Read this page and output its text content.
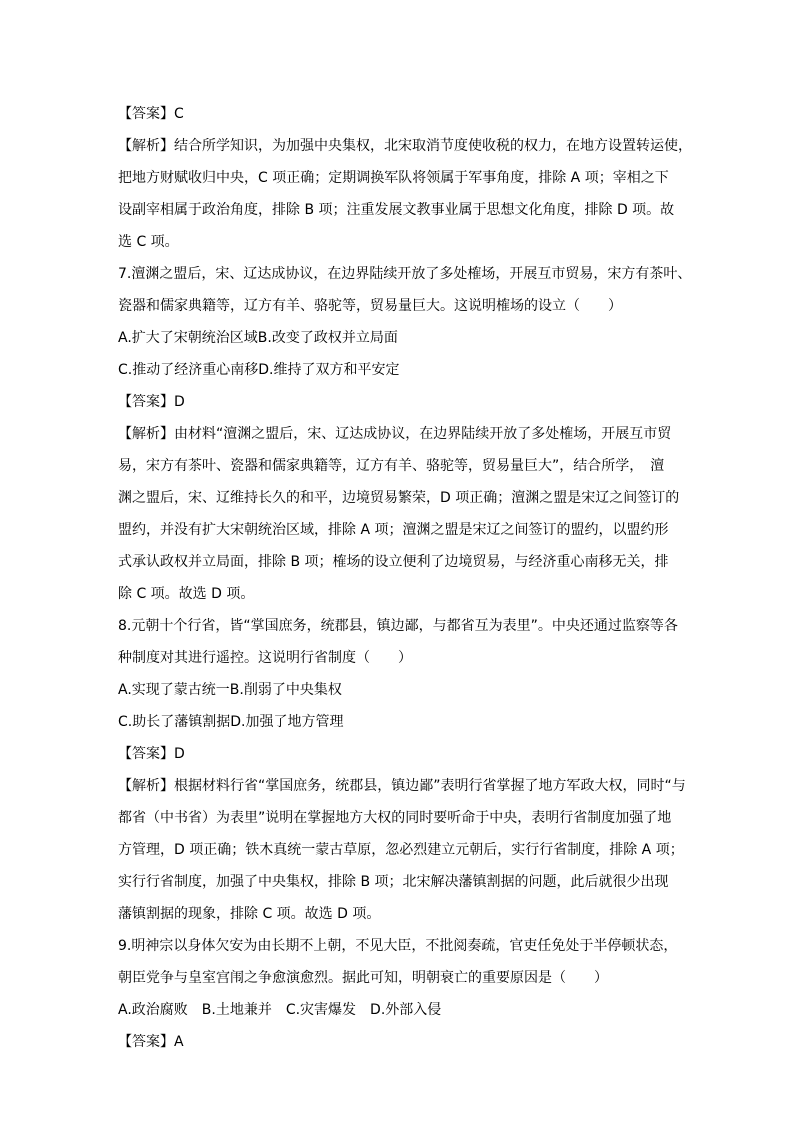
【答案】C
【解析】结合所学知识，为加强中央集权，北宋取消节度使收税的权力，在地方设置转运使，
把地方财赋收归中央，C 项正确；定期调换军队将领属于军事角度，排除 A 项；宰相之下
设副宰相属于政治角度，排除 B 项；注重发展文教事业属于思想文化角度，排除 D 项。故
选 C 项。
7.澶渊之盟后，宋、辽达成协议，在边界陆续开放了多处榷场，开展互市贸易，宋方有茶叶、
瓷器和儒家典籍等，辽方有羊、骆驼等，贸易量巨大。这说明榷场的设立（　　）
A.扩大了宋朝统治区域B.改变了政权并立局面
C.推动了经济重心南移D.维持了双方和平安定
【答案】D
【解析】由材料“澶渊之盟后，宋、辽达成协议，在边界陆续开放了多处榷场，开展互市贸
易，宋方有茶叶、瓷器和儒家典籍等，辽方有羊、骆驼等，贸易量巨大”，结合所学，　澶
渊之盟后，宋、辽维持长久的和平，边境贸易繁荣，D 项正确；澶渊之盟是宋辽之间签订的
盟约，并没有扩大宋朝统治区域，排除 A 项；澶渊之盟是宋辽之间签订的盟约，以盟约形
式承认政权并立局面，排除 B 项；榷场的设立便利了边境贸易，与经济重心南移无关，排
除 C 项。故选 D 项。
8.元朝十个行省，皆“掌国庶务，统郡县，镇边鄙，与都省互为表里”。中央还通过监察等各
种制度对其进行遥控。这说明行省制度（　　）
A.实现了蒙古统一B.削弱了中央集权
C.助长了藩镇割据D.加强了地方管理
【答案】D
【解析】根据材料行省“掌国庶务，统郡县，镇边鄙”表明行省掌握了地方军政大权，同时“与
都省（中书省）为表里”说明在掌握地方大权的同时要听命于中央，表明行省制度加强了地
方管理，D 项正确；铁木真统一蒙古草原，忽必烈建立元朝后，实行行省制度，排除 A 项；
实行行省制度，加强了中央集权，排除 B 项；北宋解决藩镇割据的问题，此后就很少出现
藩镇割据的现象，排除 C 项。故选 D 项。
9.明神宗以身体欠安为由长期不上朝，不见大臣，不批阅奏疏，官吏任免处于半停顿状态，
朝臣党争与皇室宫闱之争愈演愈烈。据此可知，明朝衰亡的重要原因是（　　）
A.政治腐败　B.土地兼并　C.灾害爆发　D.外部入侵
【答案】A
